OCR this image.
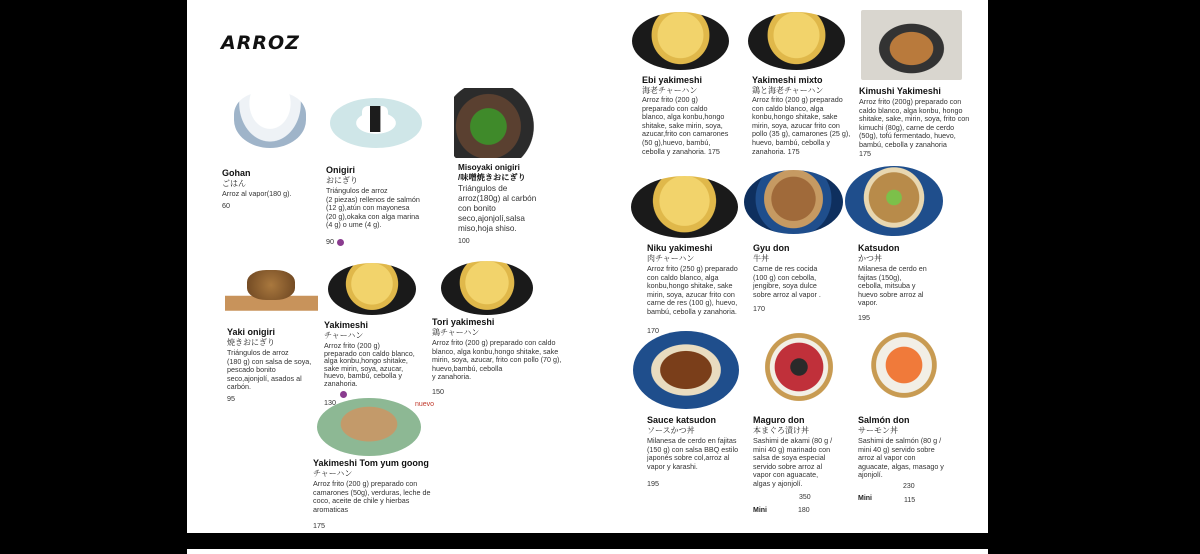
ARROZ
Gohan
ごはん
Arroz al vapor(180 g).
60
Onigiri
おにぎり
Triángulos de arroz
(2 piezas) rellenos de salmón
(12 g),atún con mayonesa
(20 g),okaka con alga marina
(4 g) o ume (4 g).
90
Misoyaki onigiri
/味噌焼きおにぎり
Triángulos de
arroz(180g) al carbón
con bonito
seco,ajonjolí,salsa
miso,hoja shiso.
100
Yaki onigiri
焼きおにぎり
Triángulos de arroz
(180 g) con salsa de soya,
pescado bonito
seco,ajonjolí, asados al
carbón.
95
Yakimeshi
チャーハン
Arroz frito (200 g)
preparado con caldo blanco,
alga konbu,hongo shitake,
sake mirin, soya, azucar,
huevo, bambú, cebolla y
zanahoria.

130
Tori yakimeshi
鶏チャーハン
Arroz frito (200 g) preparado con caldo
blanco, alga konbu,hongo shitake, sake
mirin, soya, azucar, frito con pollo (70 g),
huevo,bambú, cebolla
y zanahoria.
150
nuevo
Yakimeshi Tom yum goong
チャーハン
Arroz frito (200 g) preparado con
camarones (50g), verduras, leche de
coco, aceite de chile y hierbas
aromaticas
175
Ebi yakimeshi
海老チャーハン
Arroz frito (200 g)
preparado con caldo
blanco, alga konbu,hongo
shitake, sake mirin, soya,
azucar,frito con camarones
(50 g),huevo, bambú,
cebolla y zanahoria. 175
Yakimeshi mixto
鶏と海老チャーハン
Arroz frito (200 g) preparado
con caldo blanco, alga
konbu,hongo shitake, sake
mirin, soya, azucar frito con
pollo (35 g), camarones (25 g),
huevo, bambú, cebolla y
zanahoria. 175
Kimushi Yakimeshi
Arroz frito (200g) preparado con
caldo blanco, alga konbu, hongo
shitake, sake, mirin, soya, frito con
kimuchi (80g), carne de cerdo
(50g), tofú fermentado, huevo,
bambú, cebolla y zanahoria
175
Niku yakimeshi
肉チャーハン
Arroz frito (250 g) preparado
con caldo blanco, alga
konbu,hongo shitake, sake
mirin, soya, azucar frito con
carne de res (100 g), huevo,
bambú, cebolla y zanahoria.
170
Gyu don
牛丼
Carne de res cocida
(100 g) con cebolla,
jengibre, soya dulce
sobre arroz al vapor .
170
Katsudon
かつ丼
Milanesa de cerdo en
fajitas (150g),
cebolla, mitsuba y
huevo sobre arroz al
vapor.
195
Sauce katsudon
ソースかつ丼
Milanesa de cerdo en fajitas
(150 g) con salsa BBQ estilo
japonés sobre col,arroz al
vapor y karashi.
195
Maguro don
本まぐろ漬け丼
Sashimi de akami (80 g /
mini 40 g) marinado con
salsa de soya especial
servido sobre arroz al
vapor con aguacate,
algas y ajonjolí.
350
Mini	180
Salmón don
サーモン丼
Sashimi de salmón (80 g /
mini 40 g) servido sobre
arroz al vapor con
aguacate, algas, masago y
ajonjolí.
230
Mini	115
